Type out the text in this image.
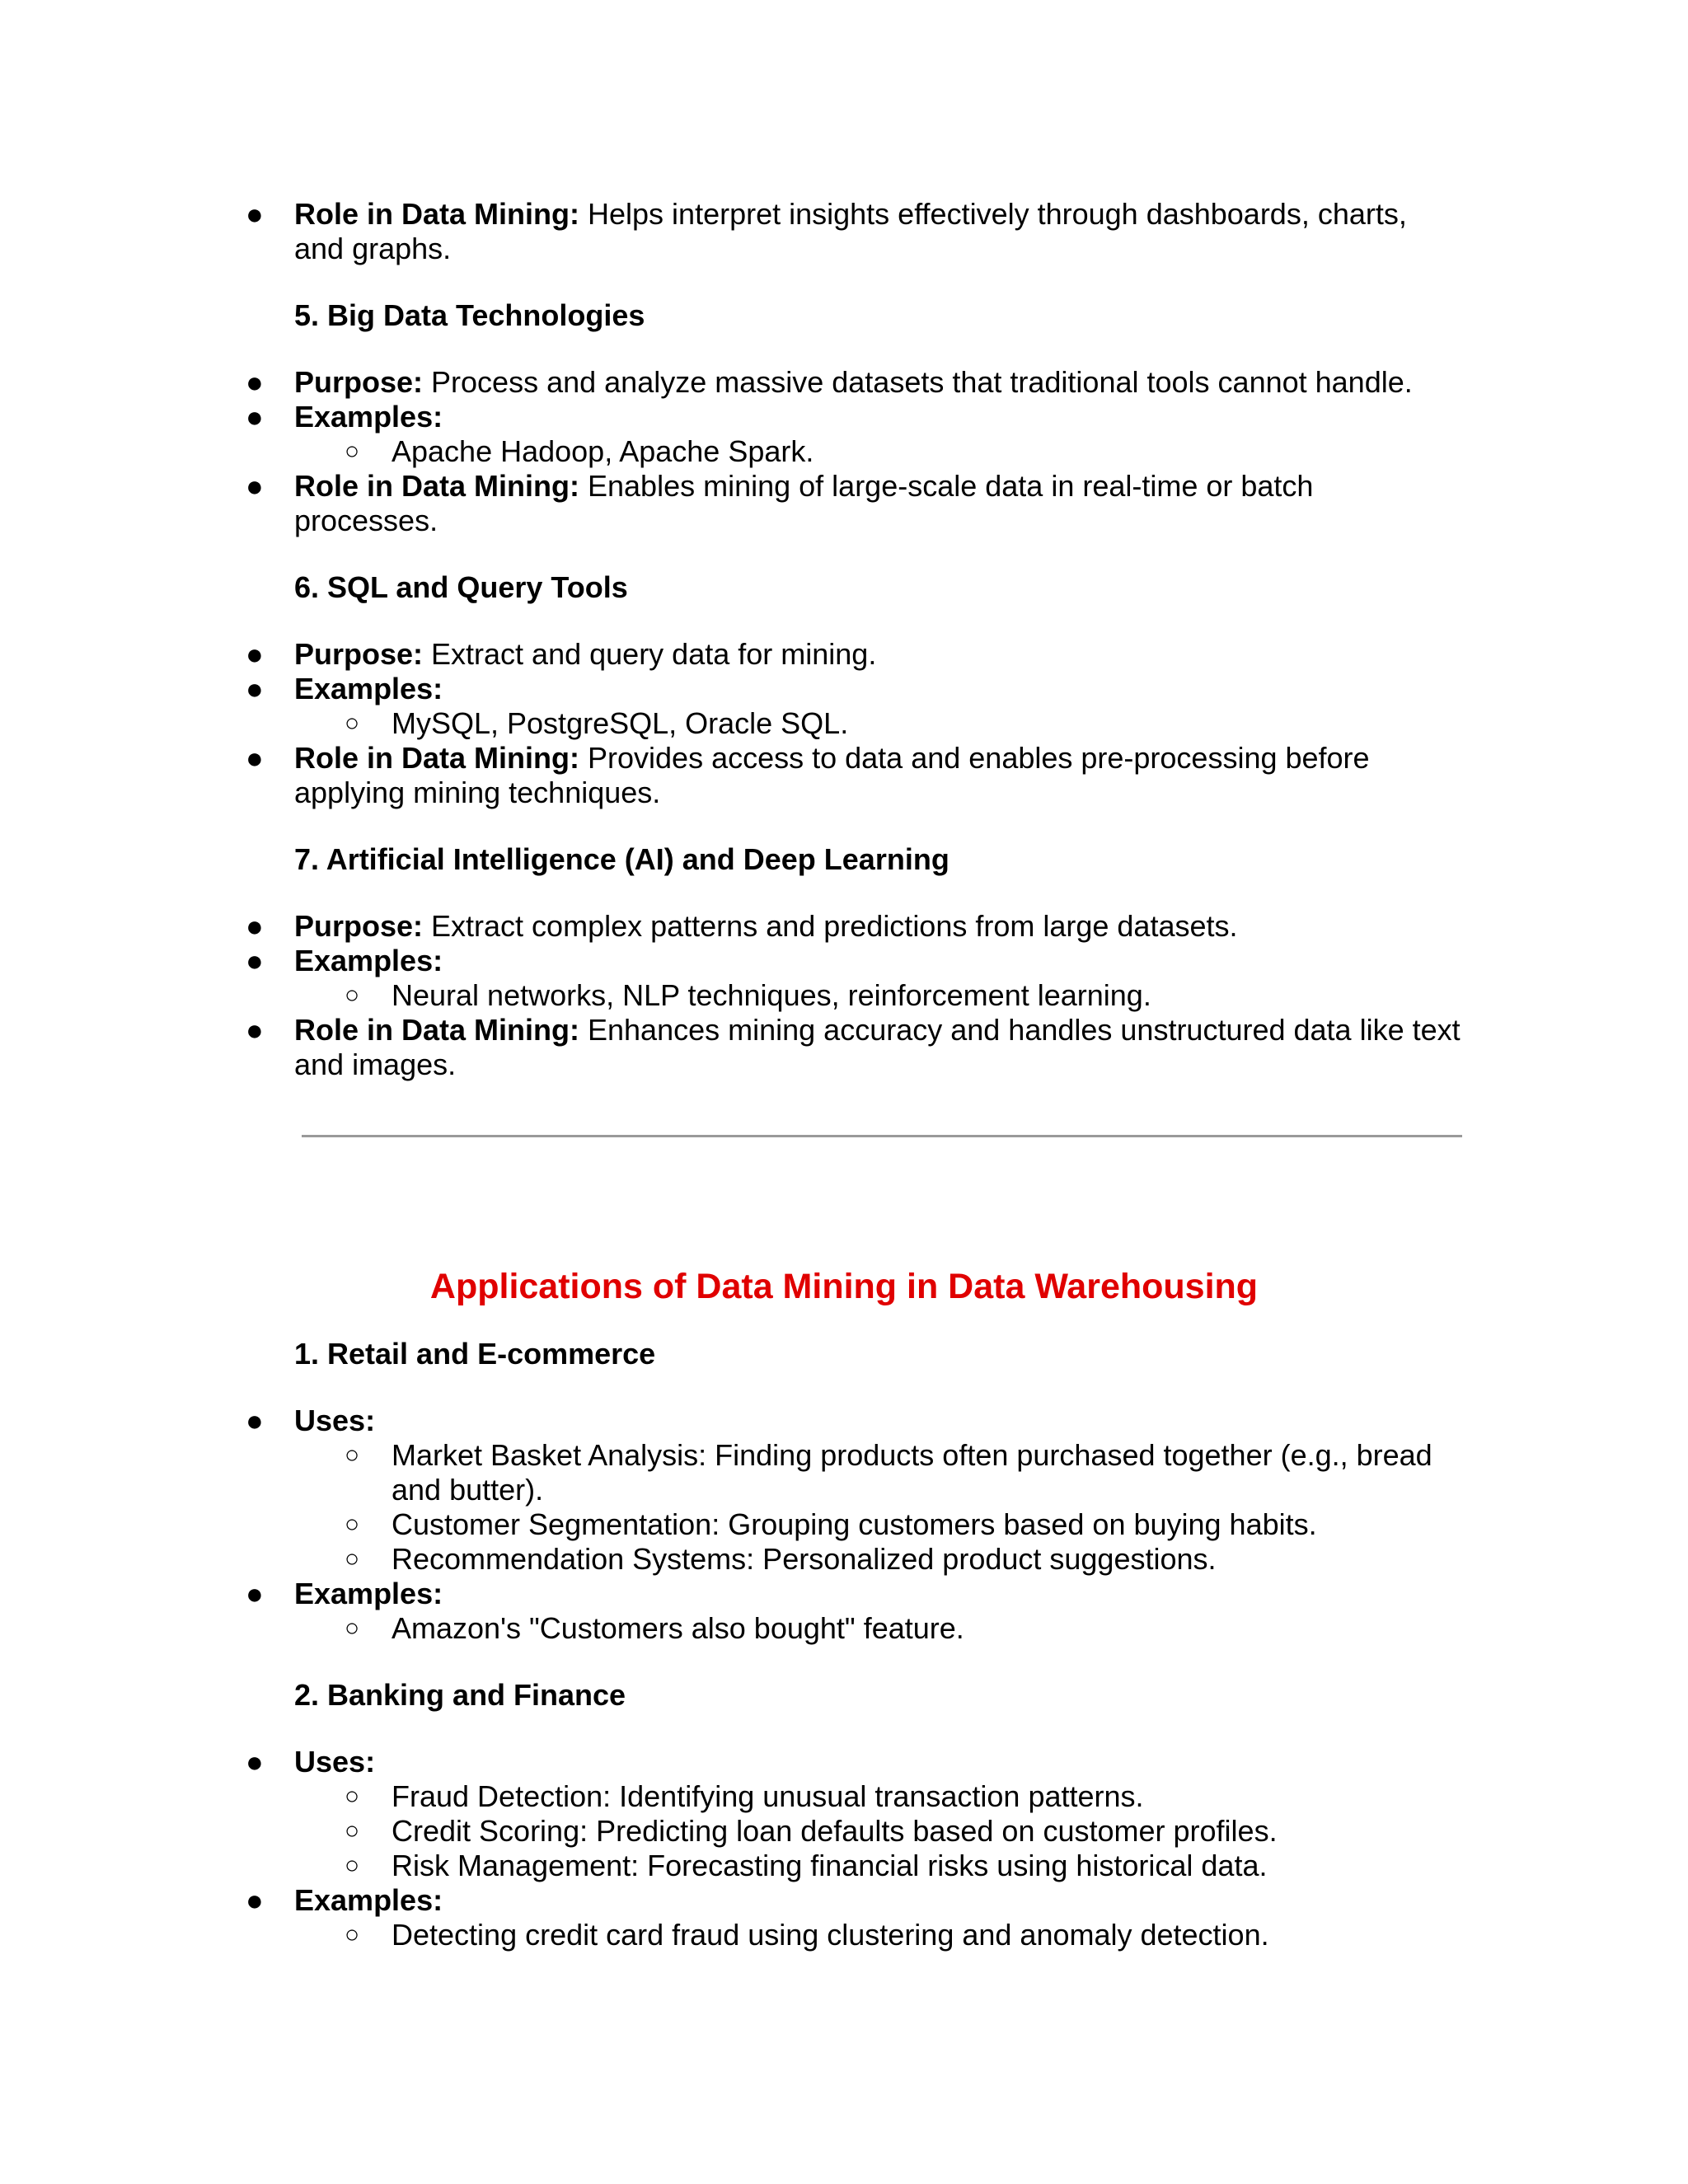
● Role in Data Mining: Helps interpret insights effectively through dashboards, charts,
and graphs.
5. Big Data Technologies
● Purpose: Process and analyze massive datasets that traditional tools cannot handle.
● Examples:
○ Apache Hadoop, Apache Spark.
● Role in Data Mining: Enables mining of large-scale data in real-time or batch
processes.
6. SQL and Query Tools
● Purpose: Extract and query data for mining.
● Examples:
○ MySQL, PostgreSQL, Oracle SQL.
● Role in Data Mining: Provides access to data and enables pre-processing before
applying mining techniques.
7. Artificial Intelligence (AI) and Deep Learning
● Purpose: Extract complex patterns and predictions from large datasets.
● Examples:
○ Neural networks, NLP techniques, reinforcement learning.
● Role in Data Mining: Enhances mining accuracy and handles unstructured data like text
and images.
Applications of Data Mining in Data Warehousing
1. Retail and E-commerce
● Uses:
○ Market Basket Analysis: Finding products often purchased together (e.g., bread
and butter).
○ Customer Segmentation: Grouping customers based on buying habits.
○ Recommendation Systems: Personalized product suggestions.
● Examples:
○ Amazon's "Customers also bought" feature.
2. Banking and Finance
● Uses:
○ Fraud Detection: Identifying unusual transaction patterns.
○ Credit Scoring: Predicting loan defaults based on customer profiles.
○ Risk Management: Forecasting financial risks using historical data.
● Examples:
○ Detecting credit card fraud using clustering and anomaly detection.
